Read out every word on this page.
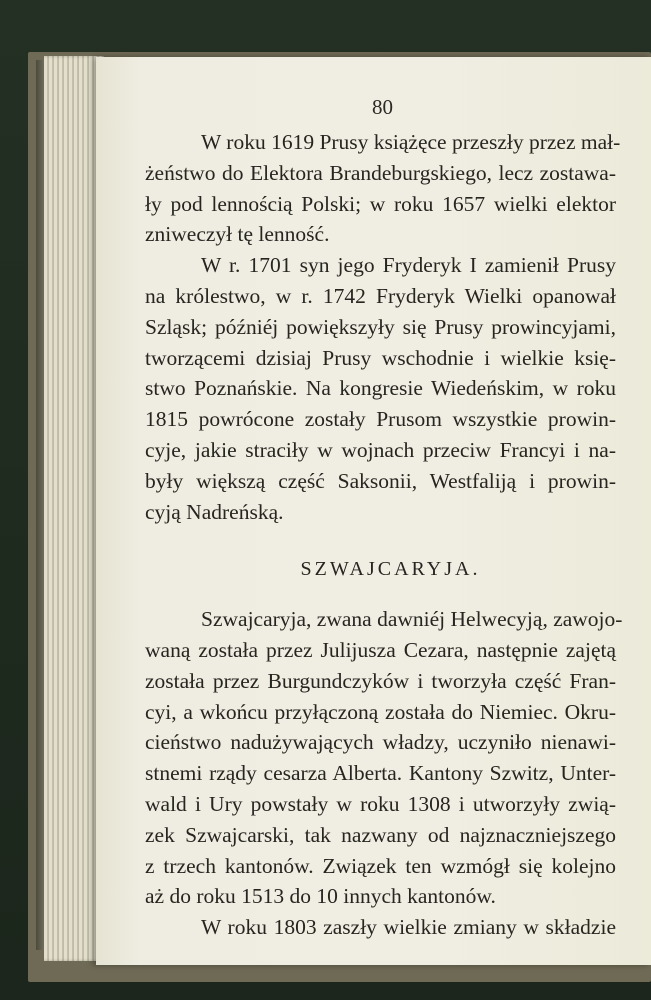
80
W roku 1619 Prusy książęce przeszły przez mał-
żeństwo do Elektora Brandeburgskiego, lecz zostawa-
ły pod lennością Polski; w roku 1657 wielki elektor
zniweczył tę lenność.
W r. 1701 syn jego Fryderyk I zamienił Prusy
na królestwo, w r. 1742 Fryderyk Wielki opanował
Szląsk; późniéj powiększyły się Prusy prowincyjami,
tworzącemi dzisiaj Prusy wschodnie i wielkie księ-
stwo Poznańskie. Na kongresie Wiedeńskim, w roku
1815 powrócone zostały Prusom wszystkie prowin-
cyje, jakie straciły w wojnach przeciw Francyi i na-
były większą część Saksonii, Westfaliją i prowin-
cyją Nadreńską.
SZWAJCARYJA.
Szwajcaryja, zwana dawniéj Helwecyją, zawojo-
waną została przez Julijusza Cezara, następnie zajętą
została przez Burgundczyków i tworzyła część Fran-
cyi, a wkońcu przyłączoną została do Niemiec. Okru-
cieństwo nadużywających władzy, uczyniło nienawi-
stnemi rządy cesarza Alberta. Kantony Szwitz, Unter-
wald i Ury powstały w roku 1308 i utworzyły zwią-
zek Szwajcarski, tak nazwany od najznaczniejszego
z trzech kantonów. Związek ten wzmógł się kolejno
aż do roku 1513 do 10 innych kantonów.
W roku 1803 zaszły wielkie zmiany w składzie
